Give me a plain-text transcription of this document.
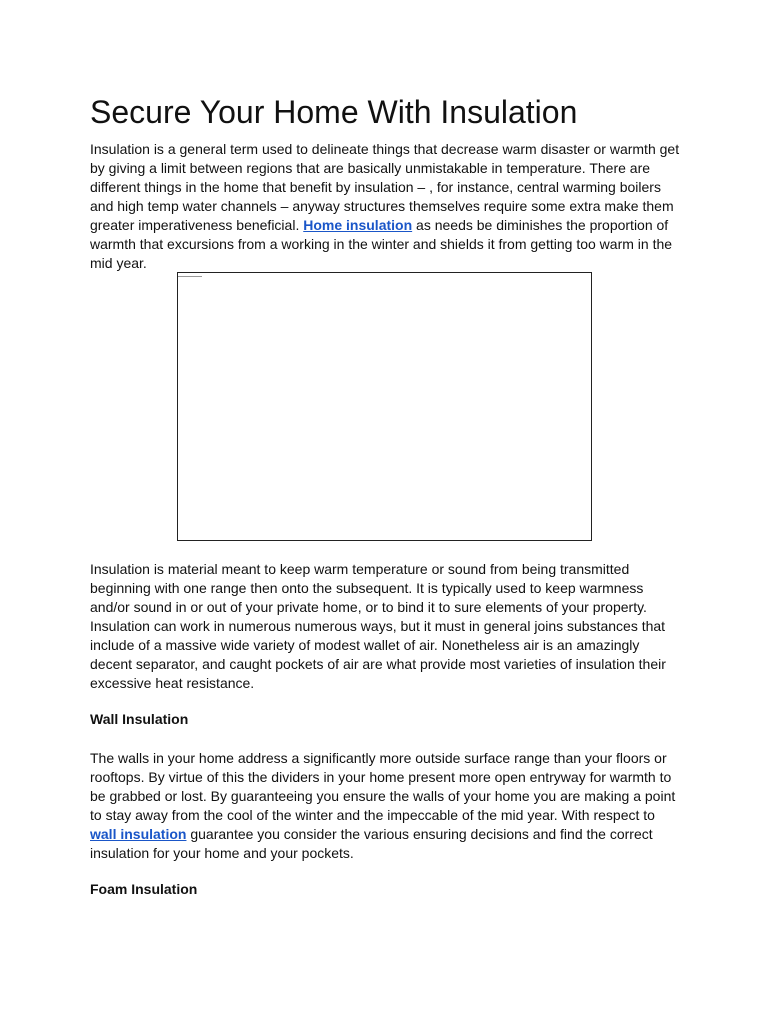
Secure Your Home With Insulation

Insulation is a general term used to delineate things that decrease warm disaster or warmth get by giving a limit between regions that are basically unmistakable in temperature. There are different things in the home that benefit by insulation – , for instance, central warming boilers and high temp water channels – anyway structures themselves require some extra make them greater imperativeness beneficial. Home insulation as needs be diminishes the proportion of warmth that excursions from a working in the winter and shields it from getting too warm in the mid year.

Insulation is material meant to keep warm temperature or sound from being transmitted beginning with one range then onto the subsequent. It is typically used to keep warmness and/or sound in or out of your private home, or to bind it to sure elements of your property. Insulation can work in numerous numerous ways, but it must in general joins substances that include of a massive wide variety of modest wallet of air. Nonetheless air is an amazingly decent separator, and caught pockets of air are what provide most varieties of insulation their excessive heat resistance.

Wall Insulation

The walls in your home address a significantly more outside surface range than your floors or rooftops. By virtue of this the dividers in your home present more open entryway for warmth to be grabbed or lost. By guaranteeing you ensure the walls of your home you are making a point to stay away from the cool of the winter and the impeccable of the mid year. With respect to wall insulation guarantee you consider the various ensuring decisions and find the correct insulation for your home and your pockets.

Foam Insulation
